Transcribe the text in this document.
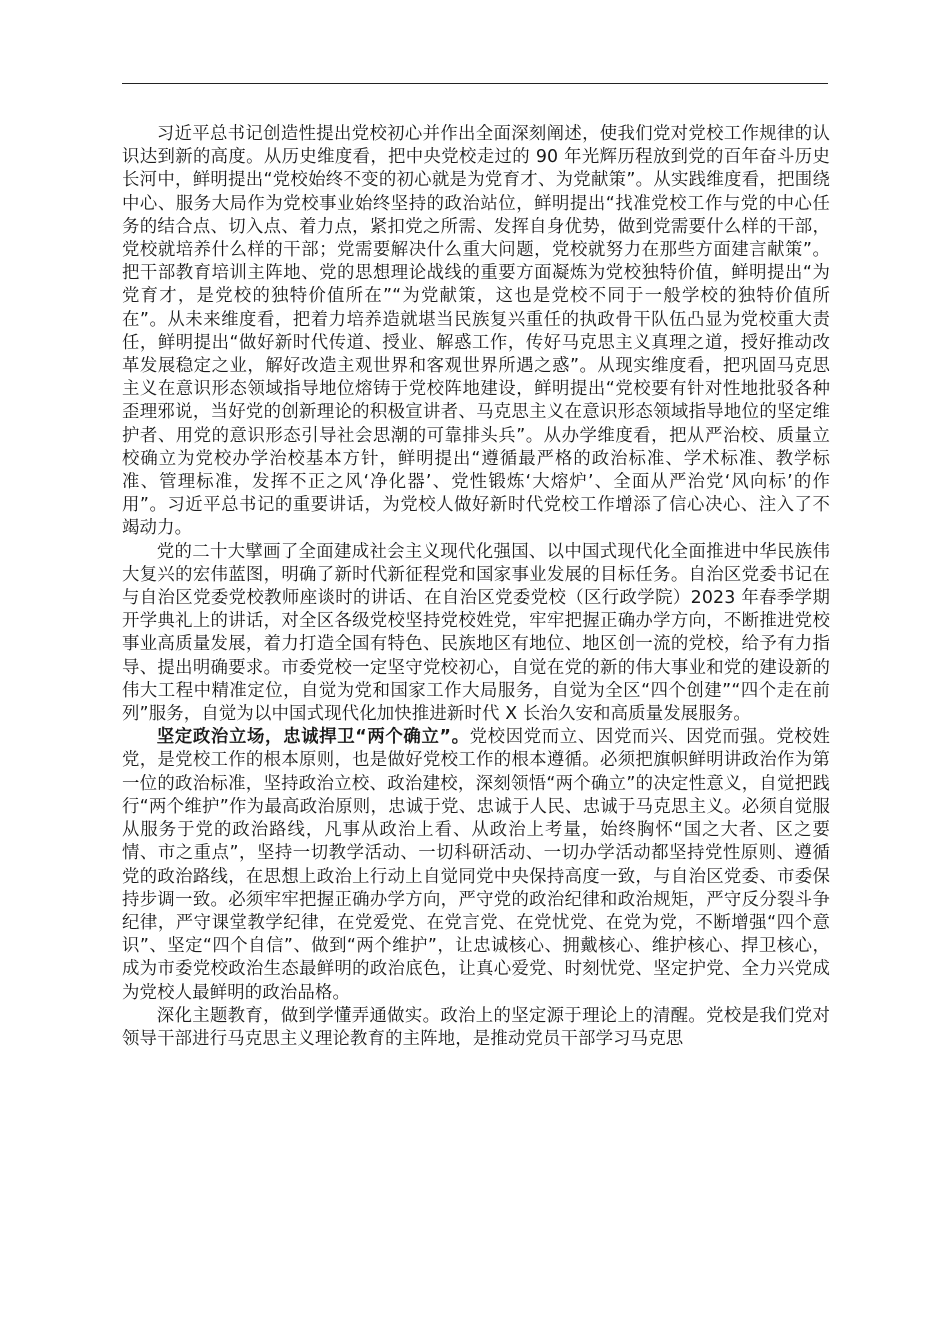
习近平总书记创造性提出党校初心并作出全面深刻阐述，使我们党对党校工作规律的认识达到新的高度。从历史维度看，把中央党校走过的 90 年光辉历程放到党的百年奋斗历史长河中，鲜明提出“党校始终不变的初心就是为党育才、为党献策”。从实践维度看，把围绕中心、服务大局作为党校事业始终坚持的政治站位，鲜明提出“找准党校工作与党的中心任务的结合点、切入点、着力点，紧扣党之所需、发挥自身优势，做到党需要什么样的干部，党校就培养什么样的干部；党需要解决什么重大问题，党校就努力在那些方面建言献策”。把干部教育培训主阵地、党的思想理论战线的重要方面凝炼为党校独特价值，鲜明提出“为党育才，是党校的独特价值所在”“为党献策，这也是党校不同于一般学校的独特价值所在”。从未来维度看，把着力培养造就堪当民族复兴重任的执政骨干队伍凸显为党校重大责任，鲜明提出“做好新时代传道、授业、解惑工作，传好马克思主义真理之道，授好推动改革发展稳定之业，解好改造主观世界和客观世界所遇之惑”。从现实维度看，把巩固马克思主义在意识形态领域指导地位熔铸于党校阵地建设，鲜明提出“党校要有针对性地批驳各种歪理邪说，当好党的创新理论的积极宣讲者、马克思主义在意识形态领域指导地位的坚定维护者、用党的意识形态引导社会思潮的可靠排头兵”。从办学维度看，把从严治校、质量立校确立为党校办学治校基本方针，鲜明提出“遵循最严格的政治标准、学术标准、教学标准、管理标准，发挥不正之风‘净化器’、党性锻炼‘大熔炉’、全面从严治党‘风向标’的作用”。习近平总书记的重要讲话，为党校人做好新时代党校工作增添了信心决心、注入了不竭动力。

党的二十大擘画了全面建成社会主义现代化强国、以中国式现代化全面推进中华民族伟大复兴的宏伟蓝图，明确了新时代新征程党和国家事业发展的目标任务。自治区党委书记在与自治区党委党校教师座谈时的讲话、在自治区党委党校（区行政学院）2023 年春季学期开学典礼上的讲话，对全区各级党校坚持党校姓党，牢牢把握正确办学方向，不断推进党校事业高质量发展，着力打造全国有特色、民族地区有地位、地区创一流的党校，给予有力指导、提出明确要求。市委党校一定坚守党校初心，自觉在党的新的伟大事业和党的建设新的伟大工程中精准定位，自觉为党和国家工作大局服务，自觉为全区“四个创建”“四个走在前列”服务，自觉为以中国式现代化加快推进新时代 X 长治久安和高质量发展服务。

坚定政治立场，忠诚捍卫“两个确立”。党校因党而立、因党而兴、因党而强。党校姓党，是党校工作的根本原则，也是做好党校工作的根本遵循。必须把旗帜鲜明讲政治作为第一位的政治标准，坚持政治立校、政治建校，深刻领悟“两个确立”的决定性意义，自觉把践行“两个维护”作为最高政治原则，忠诚于党、忠诚于人民、忠诚于马克思主义。必须自觉服从服务于党的政治路线，凡事从政治上看、从政治上考量，始终胸怀“国之大者、区之要情、市之重点”，坚持一切教学活动、一切科研活动、一切办学活动都坚持党性原则、遵循党的政治路线，在思想上政治上行动上自觉同党中央保持高度一致，与自治区党委、市委保持步调一致。必须牢牢把握正确办学方向，严守党的政治纪律和政治规矩，严守反分裂斗争纪律，严守课堂教学纪律，在党爱党、在党言党、在党忧党、在党为党，不断增强“四个意识”、坚定“四个自信”、做到“两个维护”，让忠诚核心、拥戴核心、维护核心、捍卫核心，成为市委党校政治生态最鲜明的政治底色，让真心爱党、时刻忧党、坚定护党、全力兴党成为党校人最鲜明的政治品格。

深化主题教育，做到学懂弄通做实。政治上的坚定源于理论上的清醒。党校是我们党对领导干部进行马克思主义理论教育的主阵地，是推动党员干部学习马克思
